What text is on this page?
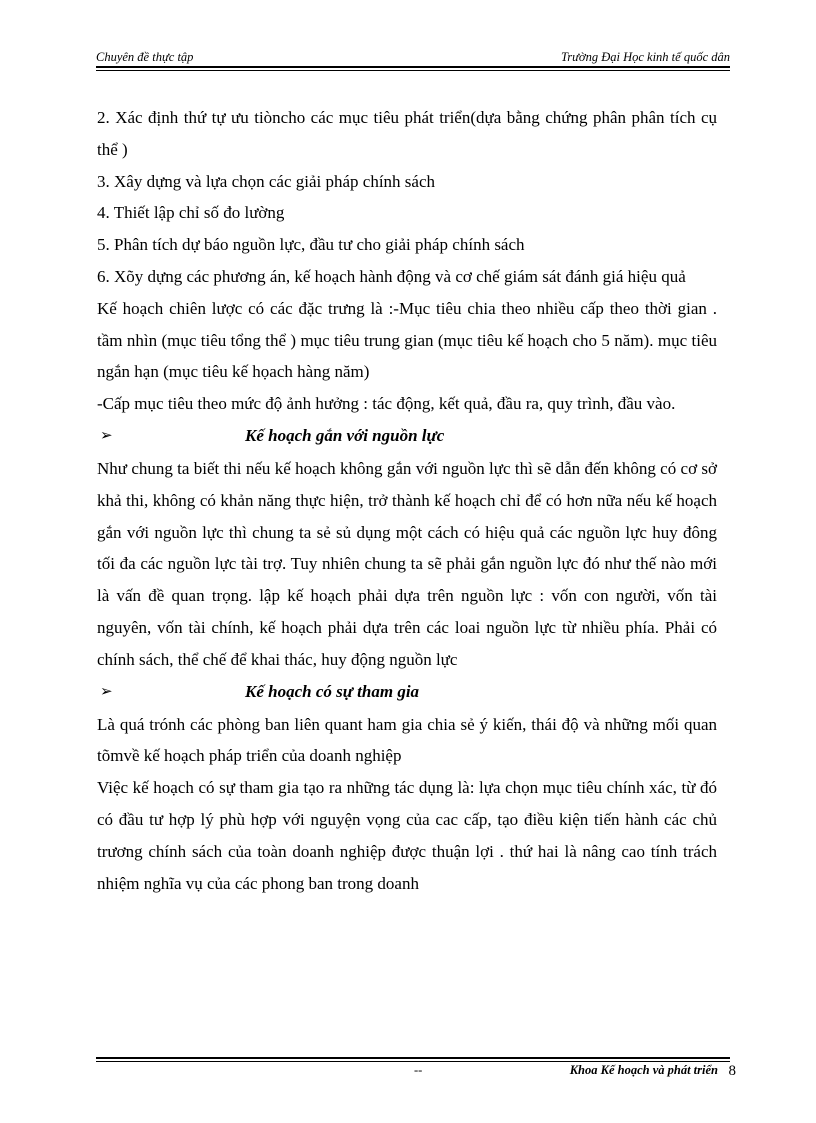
Chuyên đề thực tập	Trường Đại Học kinh tế quốc dân

2. Xác định thứ tự ưu tiòncho các mục tiêu phát triển(dựa bằng chứng phân phân tích cụ thể )

3. Xây dựng và lựa chọn các giải pháp chính sách

4. Thiết lập chỉ số đo lường

5. Phân tích dự báo nguồn lực, đầu tư cho giải pháp chính sách

6. Xõy dựng các phương án, kế hoạch hành động và cơ chế giám sát đánh giá hiệu quả

Kế hoạch chiên lược có các đặc trưng là :-Mục tiêu chia theo nhiều cấp theo thời gian . tầm nhìn (mục tiêu tổng thể ) mục tiêu trung gian (mục tiêu kế hoạch cho 5 năm). mục tiêu ngắn hạn (mục tiêu kế họach hàng năm)

-Cấp mục tiêu theo mức độ ảnh hưởng : tác động, kết quả, đầu ra, quy trình, đầu vào.

➢	Kế hoạch gắn với nguồn lực

Như chung ta biết thi nếu kế hoạch không gắn với nguồn lực thì sẽ dẫn đến không có cơ sở khả thi, không có khản năng thực hiện, trở thành kế hoạch chỉ để có hơn nữa nếu kế hoạch gắn với nguồn lực thì chung ta sẻ sủ dụng một cách có hiệu quả các nguồn lực huy đông tối đa các nguồn lực tài trợ. Tuy nhiên chung ta sẽ phải gắn nguồn lực đó như thế nào mới là vấn đề quan trọng. lập kế hoạch phải dựa trên nguồn lực : vốn con người, vốn tài nguyên, vốn tài chính, kế hoạch phải dựa trên các loai nguồn lực từ nhiều phía. Phải có chính sách, thể chế để khai thác, huy động nguồn lực

➢	Kế hoạch có sự tham gia

Là quá trónh các phòng ban liên quant ham gia chia sẻ ý kiến, thái độ và những mối quan tõmvề kế hoạch pháp triển của doanh nghiệp

Việc kế hoạch có sự tham gia tạo ra những tác dụng là: lựa chọn mục tiêu chính xác, từ đó có đầu tư hợp lý phù hợp với nguyện vọng của cac cấp, tạo điều kiện tiến hành các chủ trương chính sách của toàn doanh nghiệp được thuận lợi . thứ hai là nâng cao tính trách nhiệm nghĩa vụ của các phong ban trong doanh

--	Khoa Kế hoạch và phát triển 8
